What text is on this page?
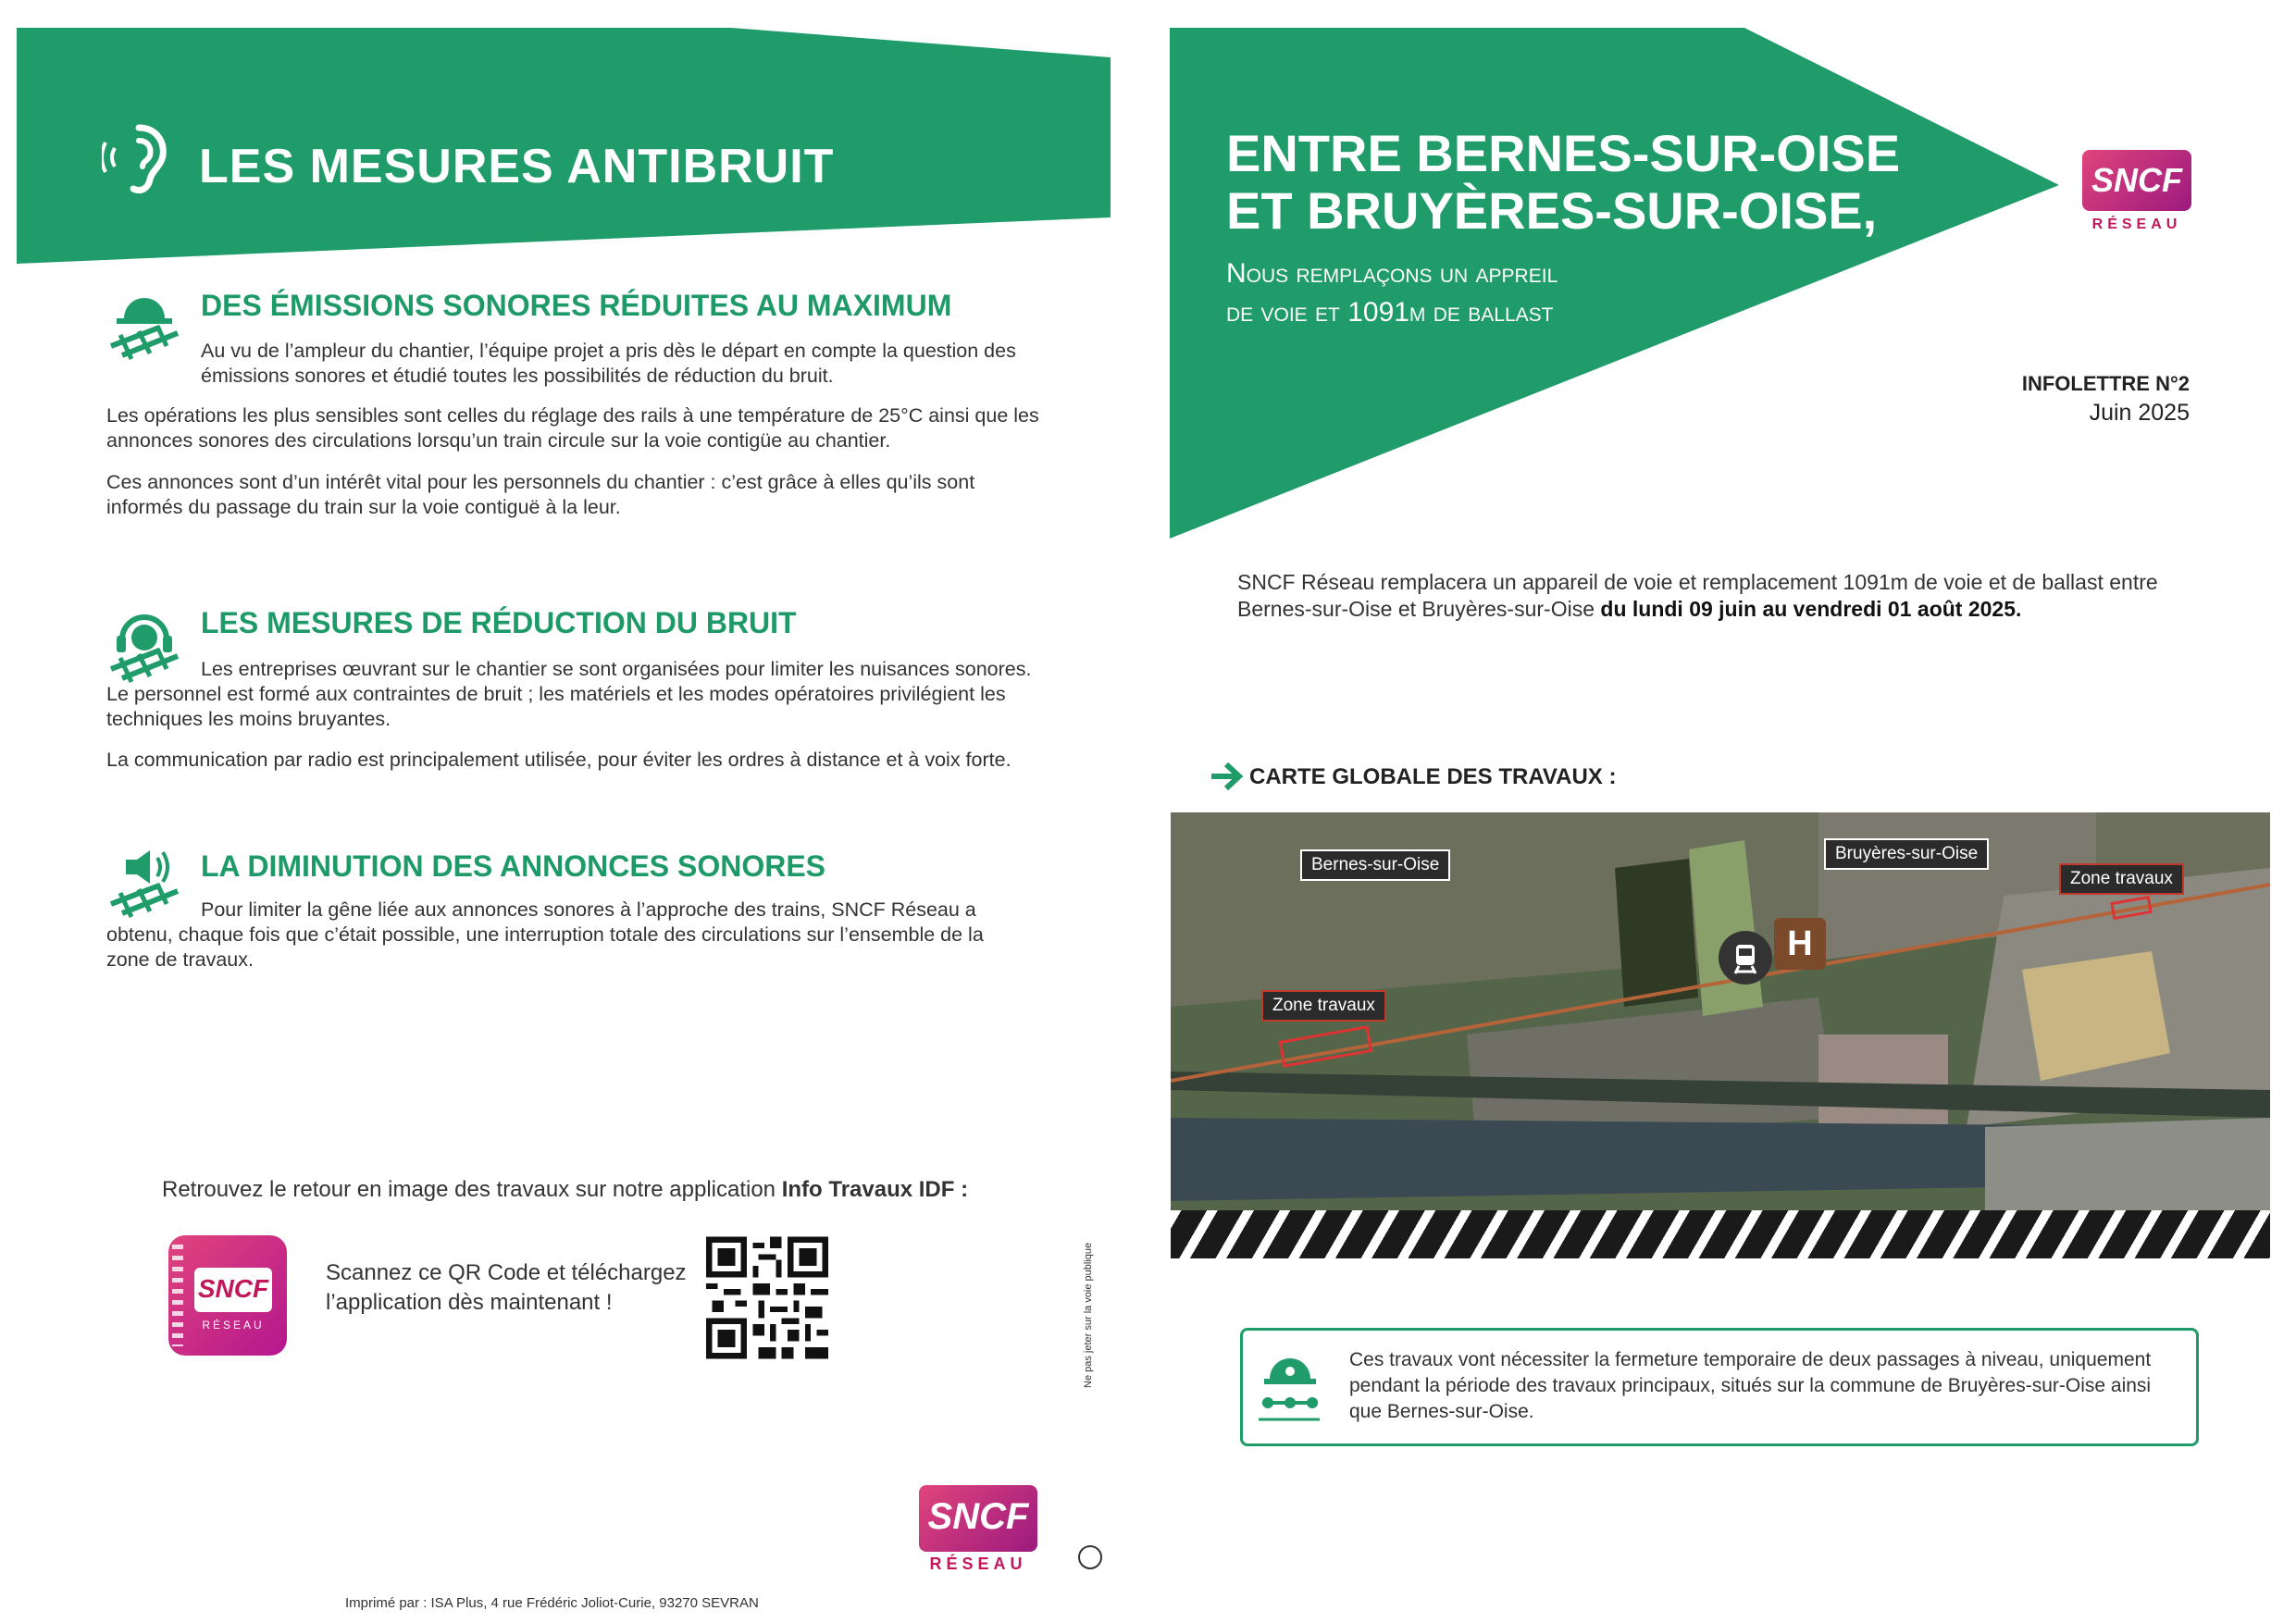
LES MESURES ANTIBRUIT
DES ÉMISSIONS SONORES RÉDUITES AU MAXIMUM
Au vu de l’ampleur du chantier, l’équipe projet a pris dès le départ en compte la question des émissions sonores et étudié toutes les possibilités de réduction du bruit.
Les opérations les plus sensibles sont celles du réglage des rails à une température de 25°C ainsi que les annonces sonores des circulations lorsqu’un train circule sur la voie contigüe au chantier.
Ces annonces sont d’un intérêt vital pour les personnels du chantier : c’est grâce à elles qu’ils sont informés du passage du train sur la voie contiguë à la leur.
LES MESURES DE RÉDUCTION DU BRUIT
Les entreprises œuvrant sur le chantier se sont organisées pour limiter les nuisances sonores. Le personnel est formé aux contraintes de bruit ; les matériels et les modes opératoires privilégient les techniques les moins bruyantes.
La communication par radio est principalement utilisée, pour éviter les ordres à distance et à voix forte.
LA DIMINUTION DES ANNONCES SONORES
Pour limiter la gêne liée aux annonces sonores à l’approche des trains, SNCF Réseau a obtenu, chaque fois que c’était possible, une interruption totale des circulations sur l’ensemble de la zone de travaux.
Retrouvez le retour en image des travaux sur notre application Info Travaux IDF :
SNCF
RÉSEAU
Scannez ce QR Code et téléchargez
l’application dès maintenant !
SNCF
RÉSEAU
Ne pas jeter sur la voie publique
Imprimé par : ISA Plus, 4 rue Frédéric Joliot-Curie, 93270 SEVRAN
ENTRE BERNES-SUR-OISE
ET BRUYÈRES-SUR-OISE,
Nous remplaçons un appreil
de voie et 1091m de ballast
SNCF
RÉSEAU
INFOLETTRE N°2
Juin 2025
SNCF Réseau remplacera un appareil de voie et remplacement 1091m de voie et de ballast entre Bernes-sur-Oise et Bruyères-sur-Oise du lundi 09 juin au vendredi 01 août 2025.
CARTE GLOBALE DES TRAVAUX :
Bernes-sur-Oise
Bruyères-sur-Oise
Zone travaux
Zone travaux
H
Ces travaux vont nécessiter la fermeture temporaire de deux passages à niveau, uniquement pendant la période des travaux principaux, situés sur la commune de Bruyères-sur-Oise ainsi que Bernes-sur-Oise.
